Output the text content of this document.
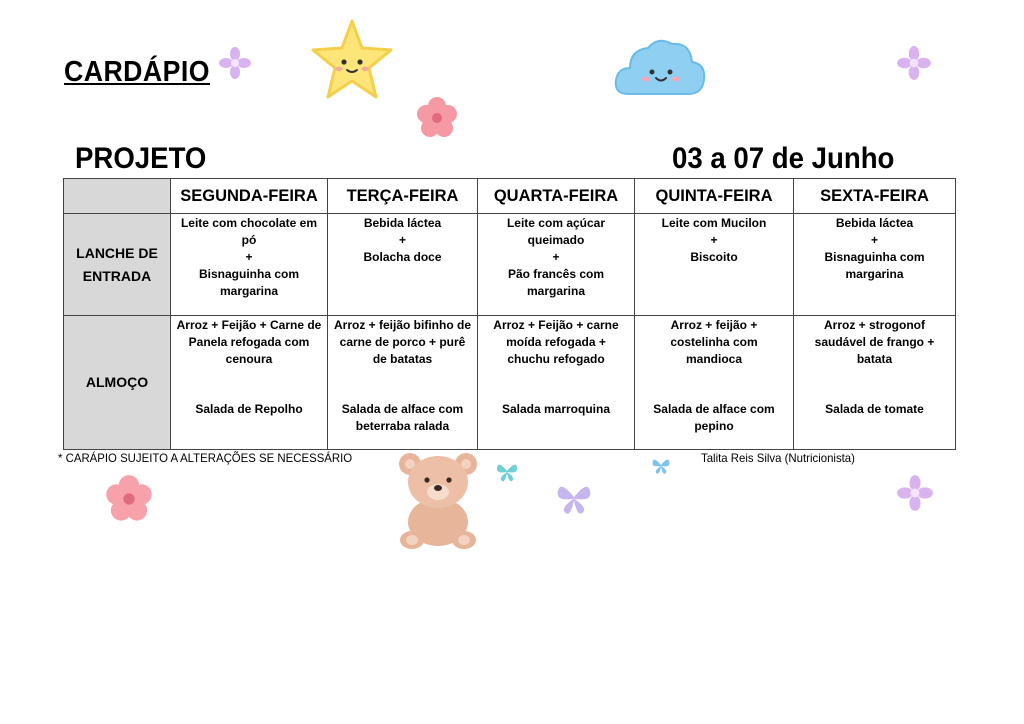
CARDÁPIO
PROJETO	03 a 07 de Junho
	SEGUNDA-FEIRA	TERÇA-FEIRA	QUARTA-FEIRA	QUINTA-FEIRA	SEXTA-FEIRA

LANCHE DE
ENTRADA	Leite com chocolate em
pó
+
Bisnaguinha com
margarina	Bebida láctea
+
Bolacha doce	Leite com açúcar
queimado
+
Pão francês com
margarina	Leite com Mucilon
+
Biscoito	Bebida láctea
+
Bisnaguinha com
margarina

ALMOÇO	Arroz + Feijão + Carne de
Panela refogada com
cenoura
Salada de Repolho	Arroz + feijão bifinho de
carne de porco + purê
de batatas
Salada de alface com
beterraba ralada	Arroz + Feijão + carne
moída refogada +
chuchu refogado
Salada marroquina	Arroz + feijão +
costelinha com
mandioca
Salada de alface com
pepino	Arroz + strogonof
saudável de frango +
batata
Salada de tomate
* CARÁPIO SUJEITO A ALTERAÇÕES SE NECESSÁRIO	Talita Reis Silva (Nutricionista)
